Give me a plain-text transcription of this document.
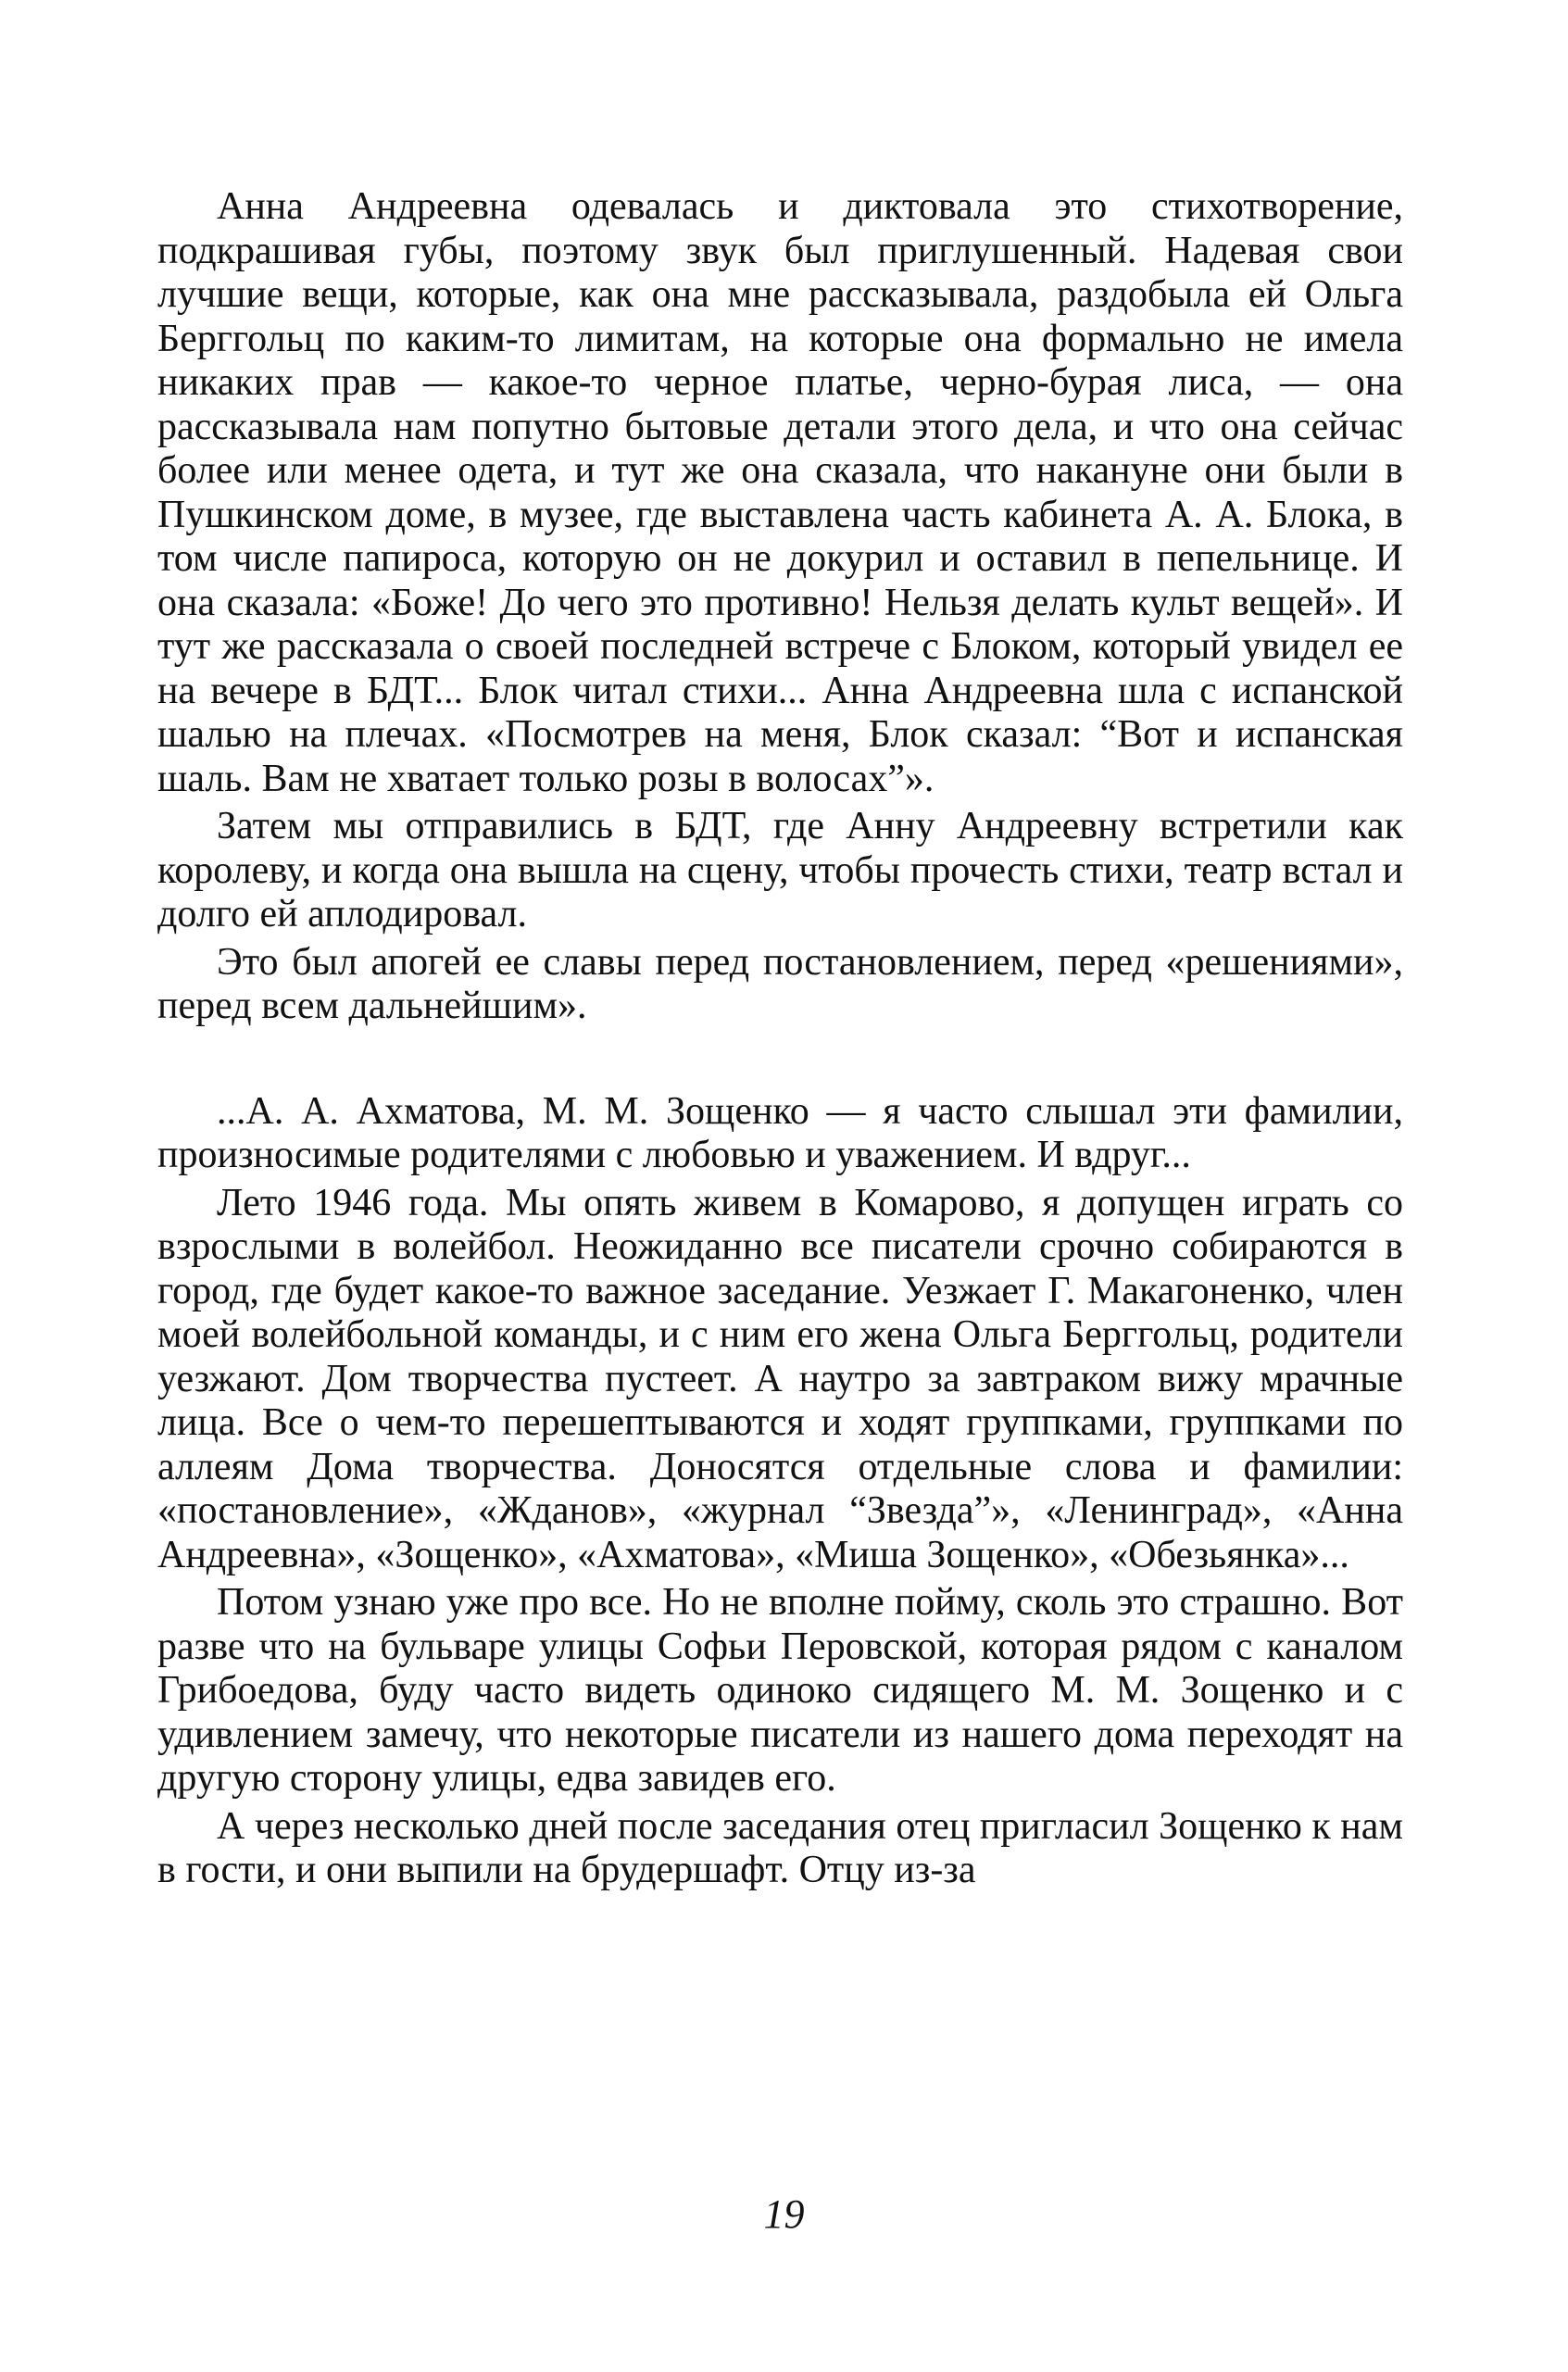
Анна Андреевна одевалась и диктовала это стихотворение, подкрашивая губы, поэтому звук был приглушенный. Надевая свои лучшие вещи, которые, как она мне рассказывала, раздобыла ей Ольга Берггольц по каким-то лимитам, на которые она формально не имела никаких прав — какое-то черное платье, черно-бурая лиса, — она рассказывала нам попутно бытовые детали этого дела, и что она сейчас более или менее одета, и тут же она сказала, что накануне они были в Пушкинском доме, в музее, где выставлена часть кабинета А. А. Блока, в том числе папироса, которую он не докурил и оставил в пепельнице. И она сказала: «Боже! До чего это противно! Нельзя делать культ вещей». И тут же рассказала о своей последней встрече с Блоком, который увидел ее на вечере в БДТ... Блок читал стихи... Анна Андреевна шла с испанской шалью на плечах. «Посмотрев на меня, Блок сказал: “Вот и испанская шаль. Вам не хватает только розы в волосах”».

Затем мы отправились в БДТ, где Анну Андреевну встретили как королеву, и когда она вышла на сцену, чтобы прочесть стихи, театр встал и долго ей аплодировал.

Это был апогей ее славы перед постановлением, перед «решениями», перед всем дальнейшим».

...А. А. Ахматова, М. М. Зощенко — я часто слышал эти фамилии, произносимые родителями с любовью и уважением. И вдруг...

Лето 1946 года. Мы опять живем в Комарово, я допущен играть со взрослыми в волейбол. Неожиданно все писатели срочно собираются в город, где будет какое-то важное заседание. Уезжает Г. Макагоненко, член моей волейбольной команды, и с ним его жена Ольга Берггольц, родители уезжают. Дом творчества пустеет. А наутро за завтраком вижу мрачные лица. Все о чем-то перешептываются и ходят группками, группками по аллеям Дома творчества. Доносятся отдельные слова и фамилии: «постановление», «Жданов», «журнал “Звезда”», «Ленинград», «Анна Андреевна», «Зощенко», «Ахматова», «Миша Зощенко», «Обезьянка»...

Потом узнаю уже про все. Но не вполне пойму, сколь это страшно. Вот разве что на бульваре улицы Софьи Перовской, которая рядом с каналом Грибоедова, буду часто видеть одиноко сидящего М. М. Зощенко и с удивлением замечу, что некоторые писатели из нашего дома переходят на другую сторону улицы, едва завидев его.

А через несколько дней после заседания отец пригласил Зощенко к нам в гости, и они выпили на брудершафт. Отцу из-за

19
